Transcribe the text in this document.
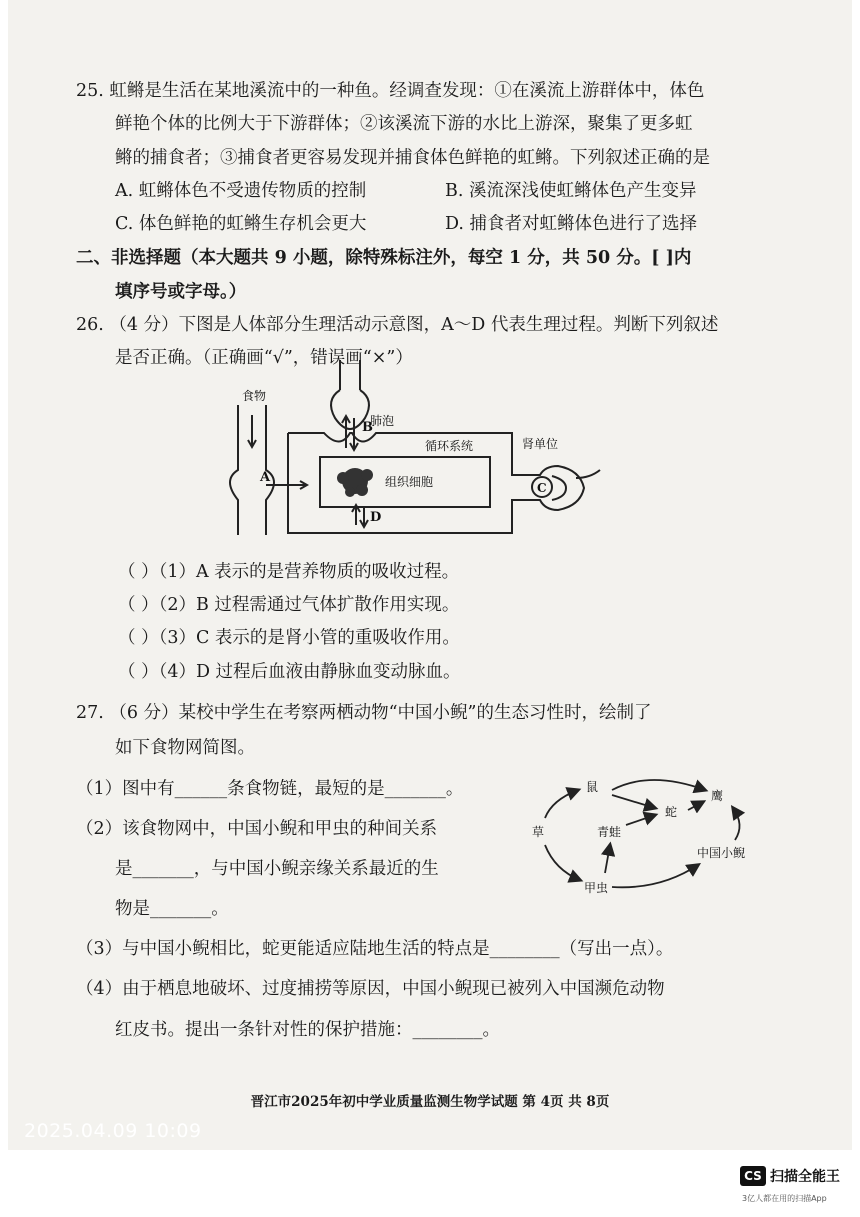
25. 虹鳉是生活在某地溪流中的一种鱼。经调查发现：①在溪流上游群体中，体色
鲜艳个体的比例大于下游群体；②该溪流下游的水比上游深，聚集了更多虹
鳉的捕食者；③捕食者更容易发现并捕食体色鲜艳的虹鳉。下列叙述正确的是
A. 虹鳉体色不受遗传物质的控制	B. 溪流深浅使虹鳉体色产生变异
C. 体色鲜艳的虹鳉生存机会更大	D. 捕食者对虹鳉体色进行了选择
二、非选择题（本大题共 9 小题，除特殊标注外，每空 1 分，共 50 分。[ ]内
填序号或字母。）
26. （4 分）下图是人体部分生理活动示意图，A～D 代表生理过程。判断下列叙述
是否正确。（正确画“√”，错误画“×”）
食物
肺泡
循环系统	肾单位
组织细胞
A
B
C
D
（ ）（1）A 表示的是营养物质的吸收过程。
（ ）（2）B 过程需通过气体扩散作用实现。
（ ）（3）C 表示的是肾小管的重吸收作用。
（ ）（4）D 过程后血液由静脉血变动脉血。
27. （6 分）某校中学生在考察两栖动物“中国小鲵”的生态习性时，绘制了
如下食物网简图。
（1）图中有______条食物链，最短的是_______。
（2）该食物网中，中国小鲵和甲虫的种间关系
是_______，与中国小鲵亲缘关系最近的生
物是_______。
（3）与中国小鲵相比，蛇更能适应陆地生活的特点是________（写出一点）。
（4）由于栖息地破坏、过度捕捞等原因，中国小鲵现已被列入中国濒危动物
红皮书。提出一条针对性的保护措施：________。
鼠
鹰
蛇
草	青蛙
中国小鲵
甲虫
晋江市2025年初中学业质量监测生物学试题 第 4页 共 8页
2025.04.09 10:09
CS 扫描全能王
3亿人都在用的扫描App
